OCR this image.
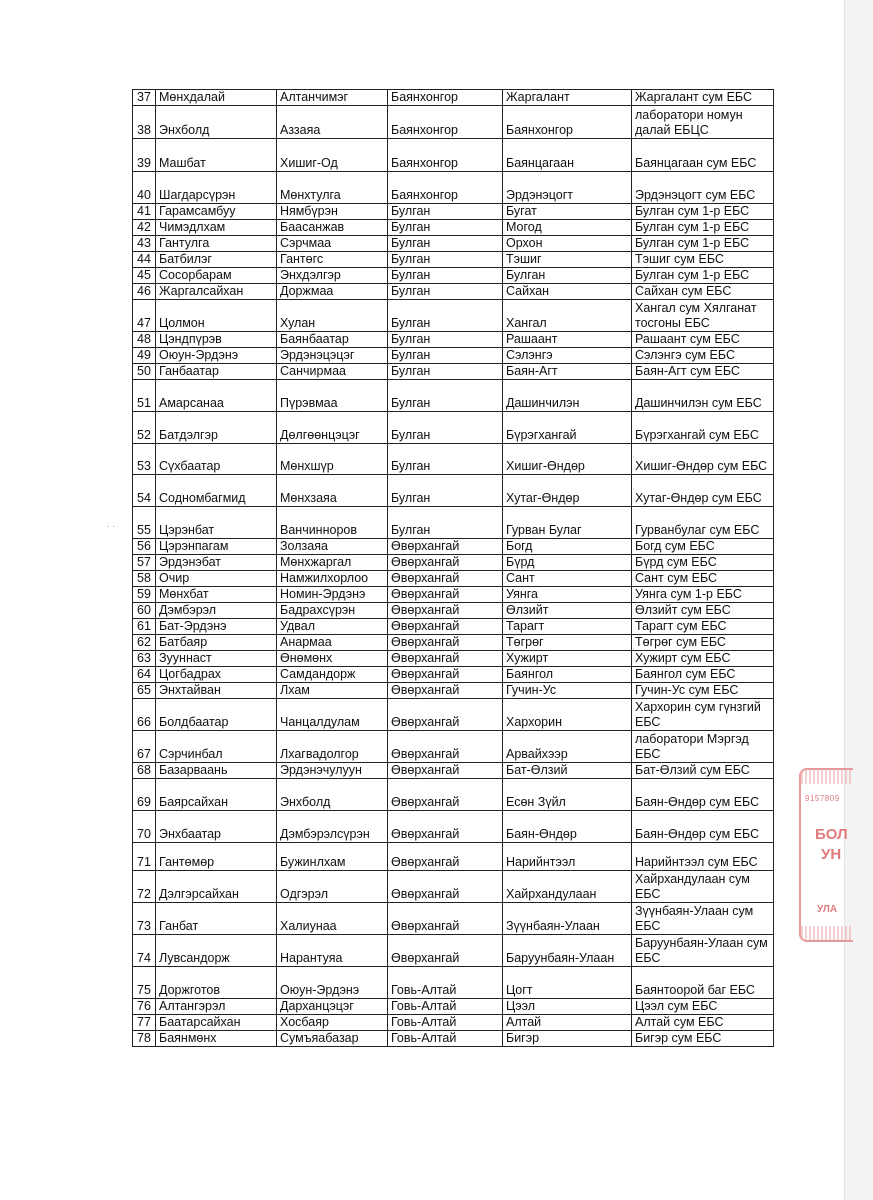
· ·
37	Мөнхдалай	Алтанчимэг	Баянхонгор	Жаргалант	Жаргалант сум ЕБС
38	Энхболд	Аззаяа	Баянхонгор	Баянхонгор	лаборатори номун далай ЕБЦС
39	Машбат	Хишиг-Од	Баянхонгор	Баянцагаан	Баянцагаан сум ЕБС
40	Шагдарсүрэн	Мөнхтулга	Баянхонгор	Эрдэнэцогт	Эрдэнэцогт сум ЕБС
41	Гарамсамбуу	Нямбүрэн	Булган	Бугат	Булган сум 1-р ЕБС
42	Чимэдлхам	Баасанжав	Булган	Могод	Булган сум 1-р ЕБС
43	Гантулга	Сэрчмаа	Булган	Орхон	Булган сум 1-р ЕБС
44	Батбилэг	Гантөгс	Булган	Тэшиг	Тэшиг сум ЕБС
45	Сосорбарам	Энхдэлгэр	Булган	Булган	Булган сум 1-р ЕБС
46	Жаргалсайхан	Доржмаа	Булган	Сайхан	Сайхан сум ЕБС
47	Цолмон	Хулан	Булган	Хангал	Хангал сум Хялганат тосгоны ЕБС
48	Цэндпүрэв	Баянбаатар	Булган	Рашаант	Рашаант сум ЕБС
49	Оюун-Эрдэнэ	Эрдэнэцэцэг	Булган	Сэлэнгэ	Сэлэнгэ сум ЕБС
50	Ганбаатар	Санчирмаа	Булган	Баян-Агт	Баян-Агт сум ЕБС
51	Амарсанаа	Пүрэвмаа	Булган	Дашинчилэн	Дашинчилэн сум ЕБС
52	Батдэлгэр	Дөлгөөнцэцэг	Булган	Бүрэгхангай	Бүрэгхангай сум ЕБС
53	Сүхбаатар	Мөнхшүр	Булган	Хишиг-Өндөр	Хишиг-Өндөр сум ЕБС
54	Содномбагмид	Мөнхзаяа	Булган	Хутаг-Өндөр	Хутаг-Өндөр сум ЕБС
55	Цэрэнбат	Ванчинноров	Булган	Гурван Булаг	Гурванбулаг сум ЕБС
56	Цэрэнпагам	Золзаяа	Өвөрхангай	Богд	Богд сум ЕБС
57	Эрдэнэбат	Мөнхжаргал	Өвөрхангай	Бүрд	Бүрд сум ЕБС
58	Очир	Намжилхорлоо	Өвөрхангай	Сант	Сант сум ЕБС
59	Мөнхбат	Номин-Эрдэнэ	Өвөрхангай	Уянга	Уянга сум 1-р ЕБС
60	Дэмбэрэл	Бадрахсүрэн	Өвөрхангай	Өлзийт	Өлзийт сум ЕБС
61	Бат-Эрдэнэ	Удвал	Өвөрхангай	Тарагт	Тарагт сум ЕБС
62	Батбаяр	Анармаа	Өвөрхангай	Төгрөг	Төгрөг сум ЕБС
63	Зууннаст	Өнөмөнх	Өвөрхангай	Хужирт	Хужирт сум ЕБС
64	Цогбадрах	Самдандорж	Өвөрхангай	Баянгол	Баянгол сум ЕБС
65	Энхтайван	Лхам	Өвөрхангай	Гучин-Ус	Гучин-Ус сум ЕБС
66	Болдбаатар	Чанцалдулам	Өвөрхангай	Хархорин	Хархорин сум гүнзгий ЕБС
67	Сэрчинбал	Лхагвадолгор	Өвөрхангай	Арвайхээр	лаборатори Мэргэд ЕБС
68	Базарваань	Эрдэнэчулуун	Өвөрхангай	Бат-Өлзий	Бат-Өлзий сум ЕБС
69	Баярсайхан	Энхболд	Өвөрхангай	Есөн Зүйл	Баян-Өндөр сум ЕБС
70	Энхбаатар	Дэмбэрэлсүрэн	Өвөрхангай	Баян-Өндөр	Баян-Өндөр сум ЕБС
71	Гантөмөр	Бужинлхам	Өвөрхангай	Нарийнтээл	Нарийнтээл сум ЕБС
72	Дэлгэрсайхан	Одгэрэл	Өвөрхангай	Хайрхандулаан	Хайрхандулаан сум ЕБС
73	Ганбат	Халиунаа	Өвөрхангай	Зүүнбаян-Улаан	Зүүнбаян-Улаан сум ЕБС
74	Лувсандорж	Нарантуяа	Өвөрхангай	Баруунбаян-Улаан	Баруунбаян-Улаан сум ЕБС
75	Доржготов	Оюун-Эрдэнэ	Говь-Алтай	Цогт	Баянтоорой баг ЕБС
76	Алтангэрэл	Дарханцэцэг	Говь-Алтай	Цээл	Цээл сум ЕБС
77	Баатарсайхан	Хосбаяр	Говь-Алтай	Алтай	Алтай сум ЕБС
78	Баянмөнх	Сумъяабазар	Говь-Алтай	Бигэр	Бигэр сум ЕБС
9157809
БОЛ
УН
УЛА
